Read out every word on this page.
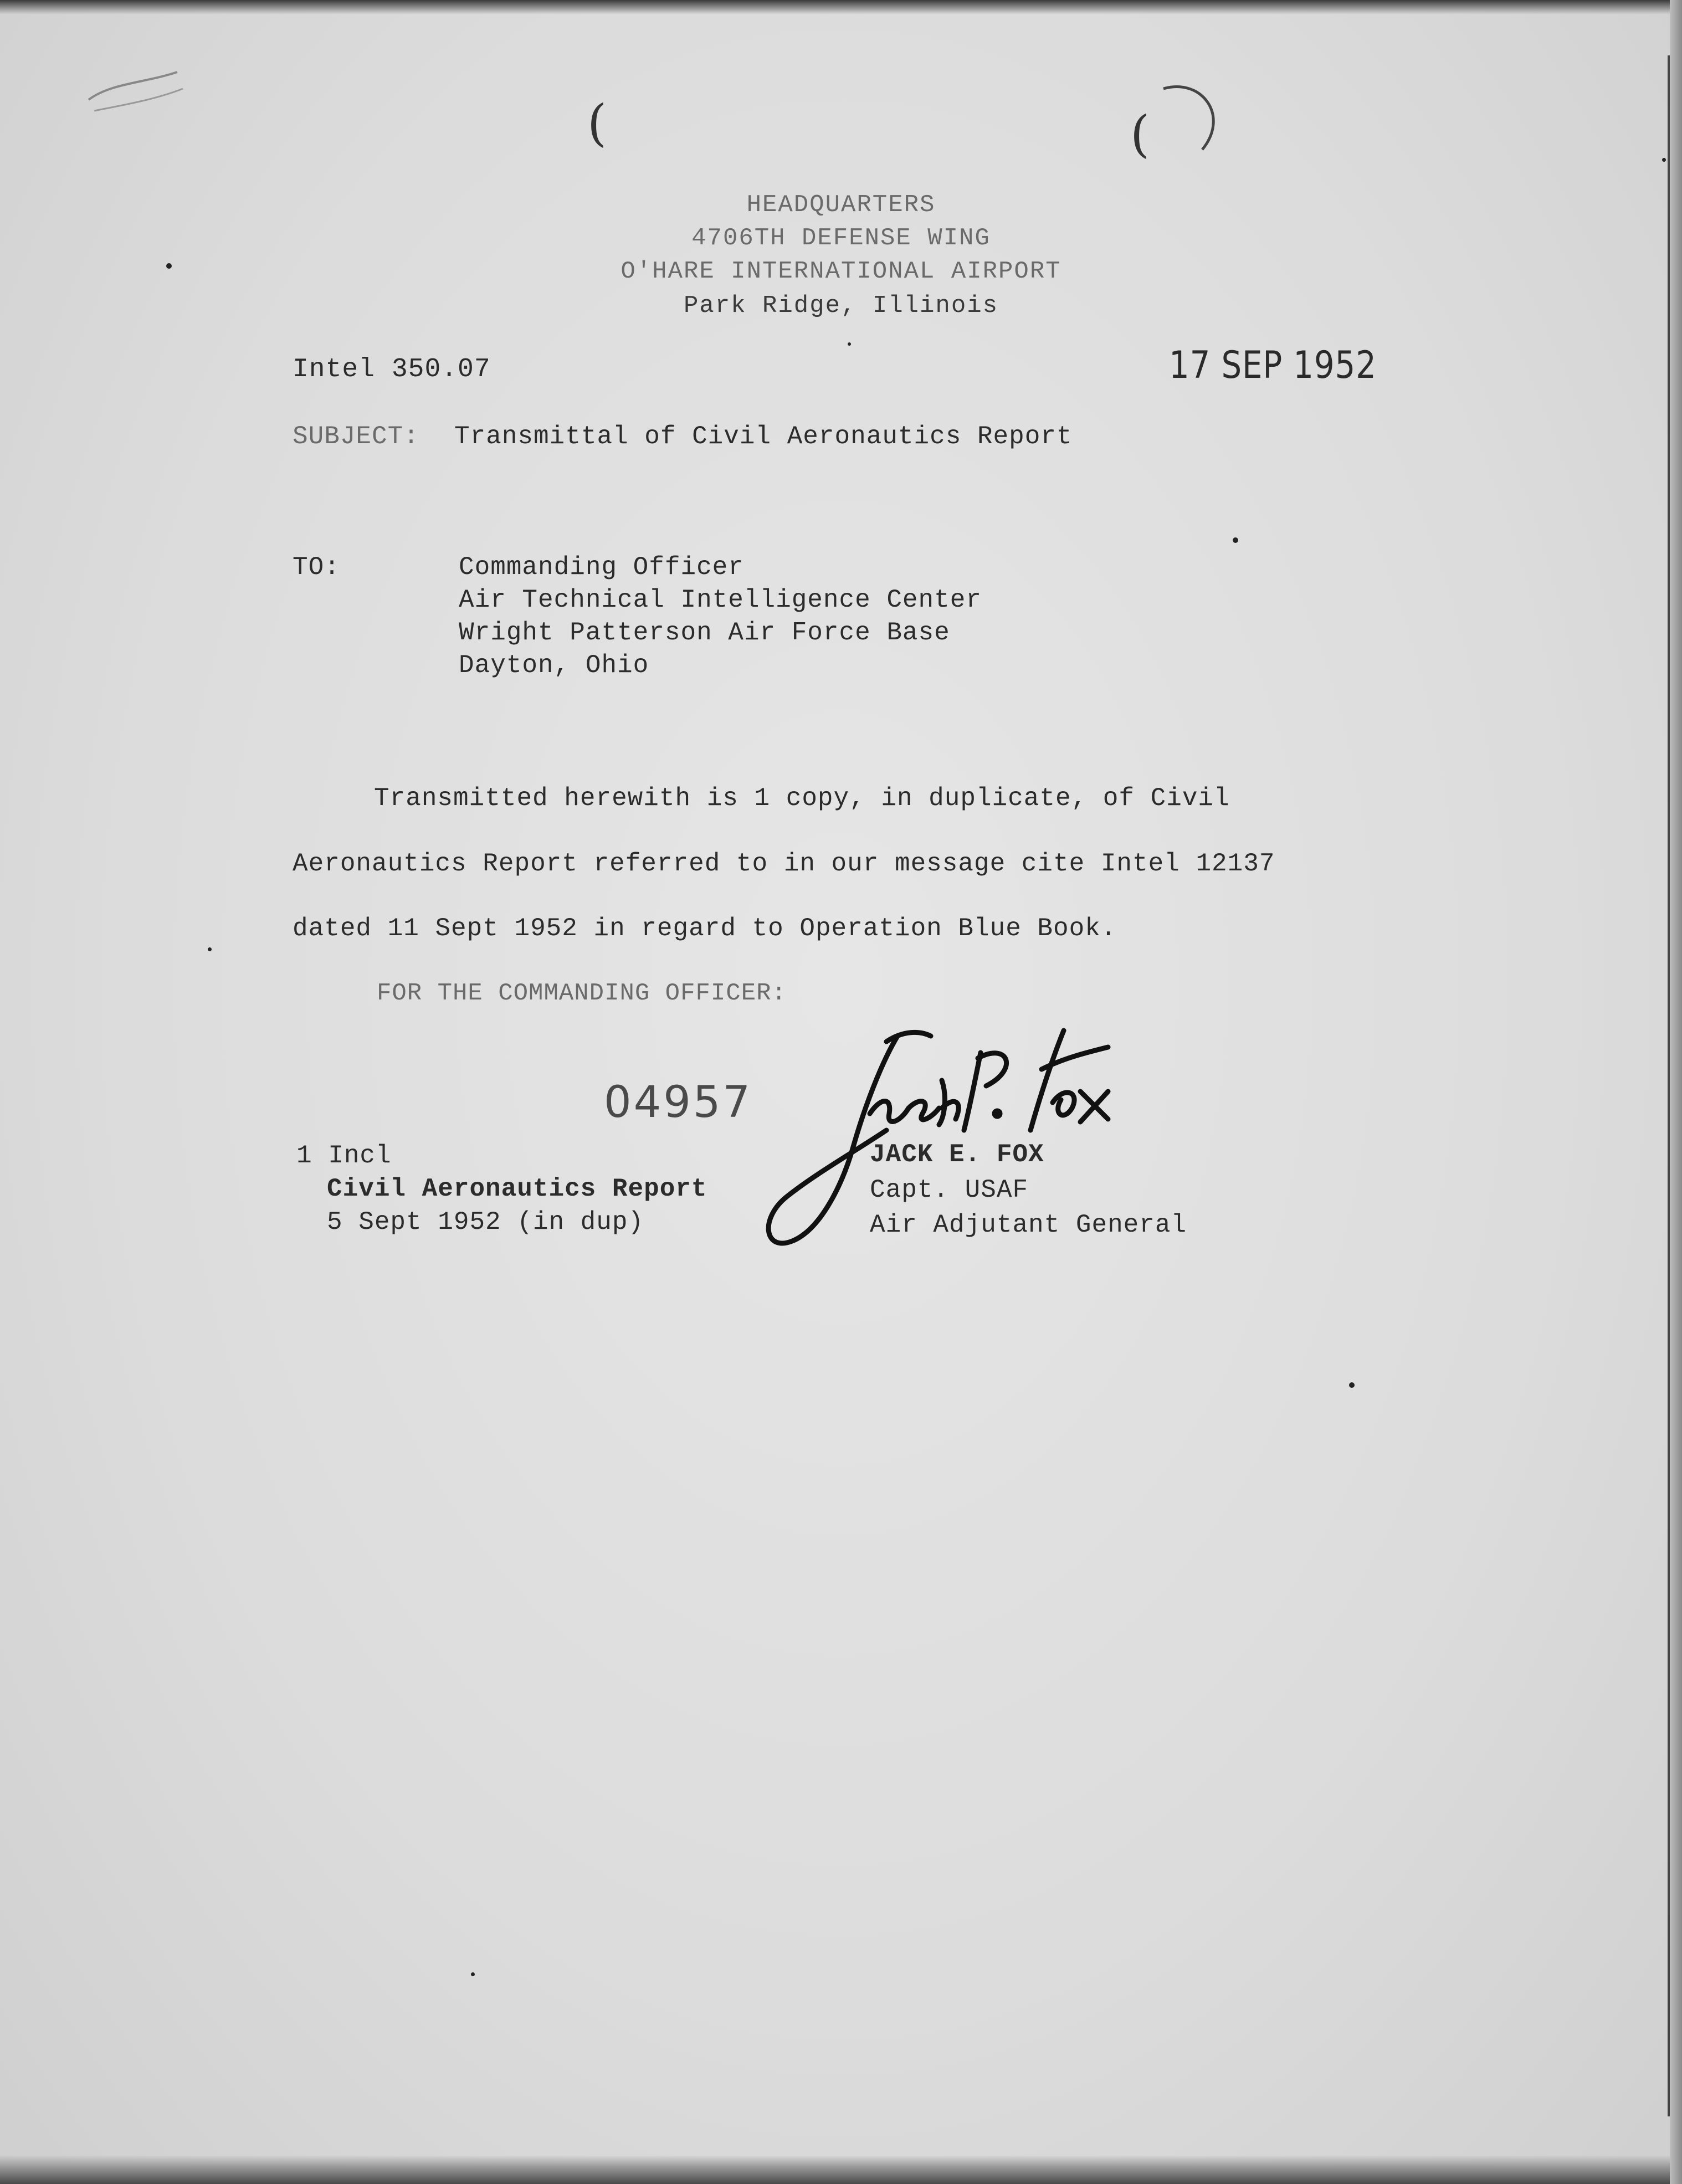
(	(
HEADQUARTERS
4706TH DEFENSE WING
O'HARE INTERNATIONAL AIRPORT
Park Ridge, Illinois
Intel 350.07	17 SEP 1952
SUBJECT: Transmittal of Civil Aeronautics Report
TO:	Commanding Officer
Air Technical Intelligence Center
Wright Patterson Air Force Base
Dayton, Ohio
Transmitted herewith is 1 copy, in duplicate, of Civil
Aeronautics Report referred to in our message cite Intel 12137
dated 11 Sept 1952 in regard to Operation Blue Book.
FOR THE COMMANDING OFFICER:
04957
1 Incl
Civil Aeronautics Report
5 Sept 1952 (in dup)
JACK E. FOX
Capt. USAF
Air Adjutant General
